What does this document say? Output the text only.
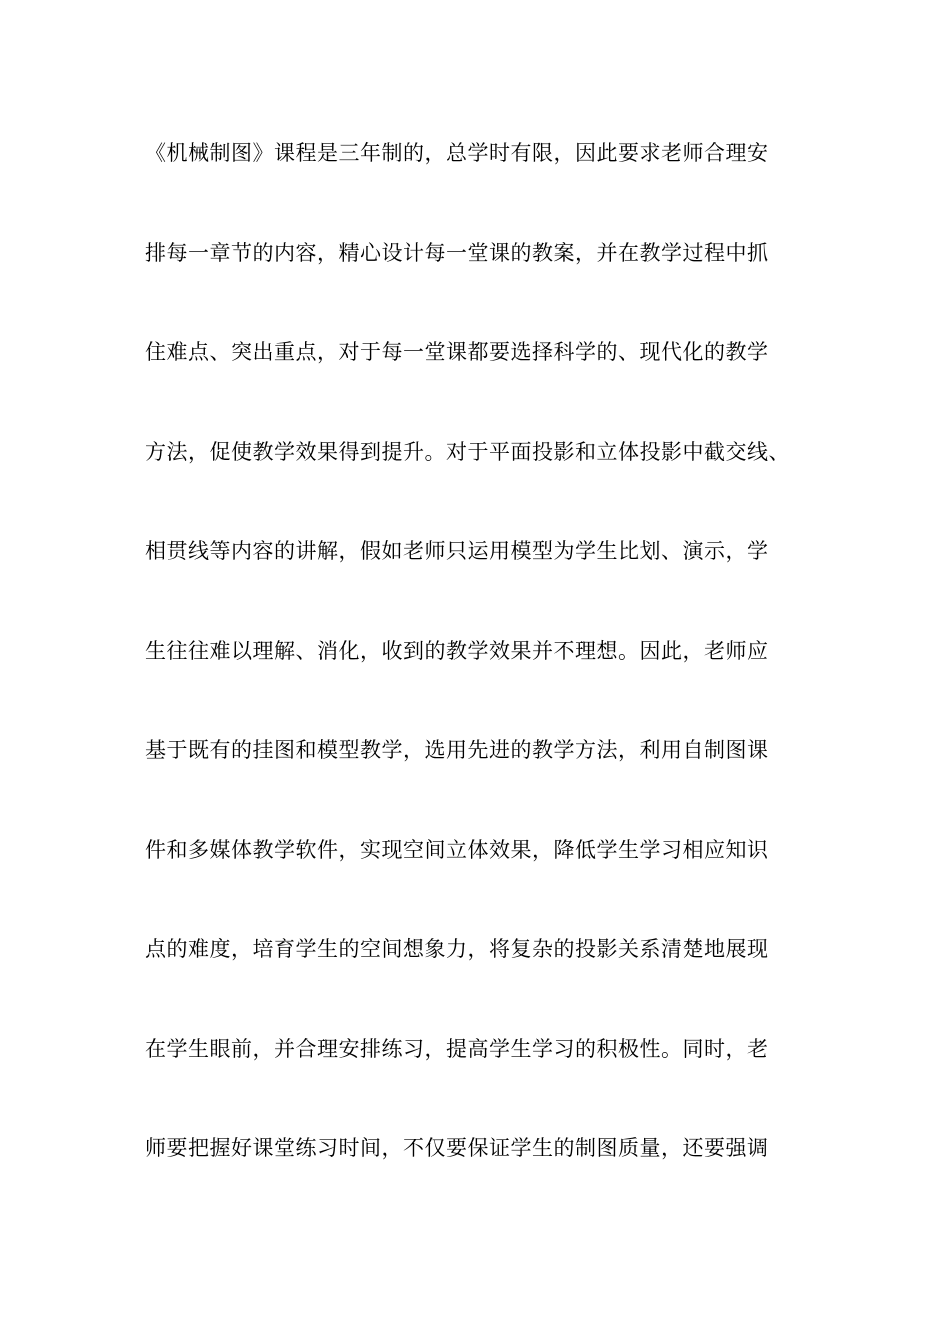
《机械制图》课程是三年制的，总学时有限，因此要求老师合理安
排每一章节的内容，精心设计每一堂课的教案，并在教学过程中抓
住难点、突出重点，对于每一堂课都要选择科学的、现代化的教学
方法，促使教学效果得到提升。对于平面投影和立体投影中截交线、
相贯线等内容的讲解，假如老师只运用模型为学生比划、演示，学
生往往难以理解、消化，收到的教学效果并不理想。因此，老师应
基于既有的挂图和模型教学，选用先进的教学方法，利用自制图课
件和多媒体教学软件，实现空间立体效果，降低学生学习相应知识
点的难度，培育学生的空间想象力，将复杂的投影关系清楚地展现
在学生眼前，并合理安排练习，提高学生学习的积极性。同时，老
师要把握好课堂练习时间，不仅要保证学生的制图质量，还要强调
